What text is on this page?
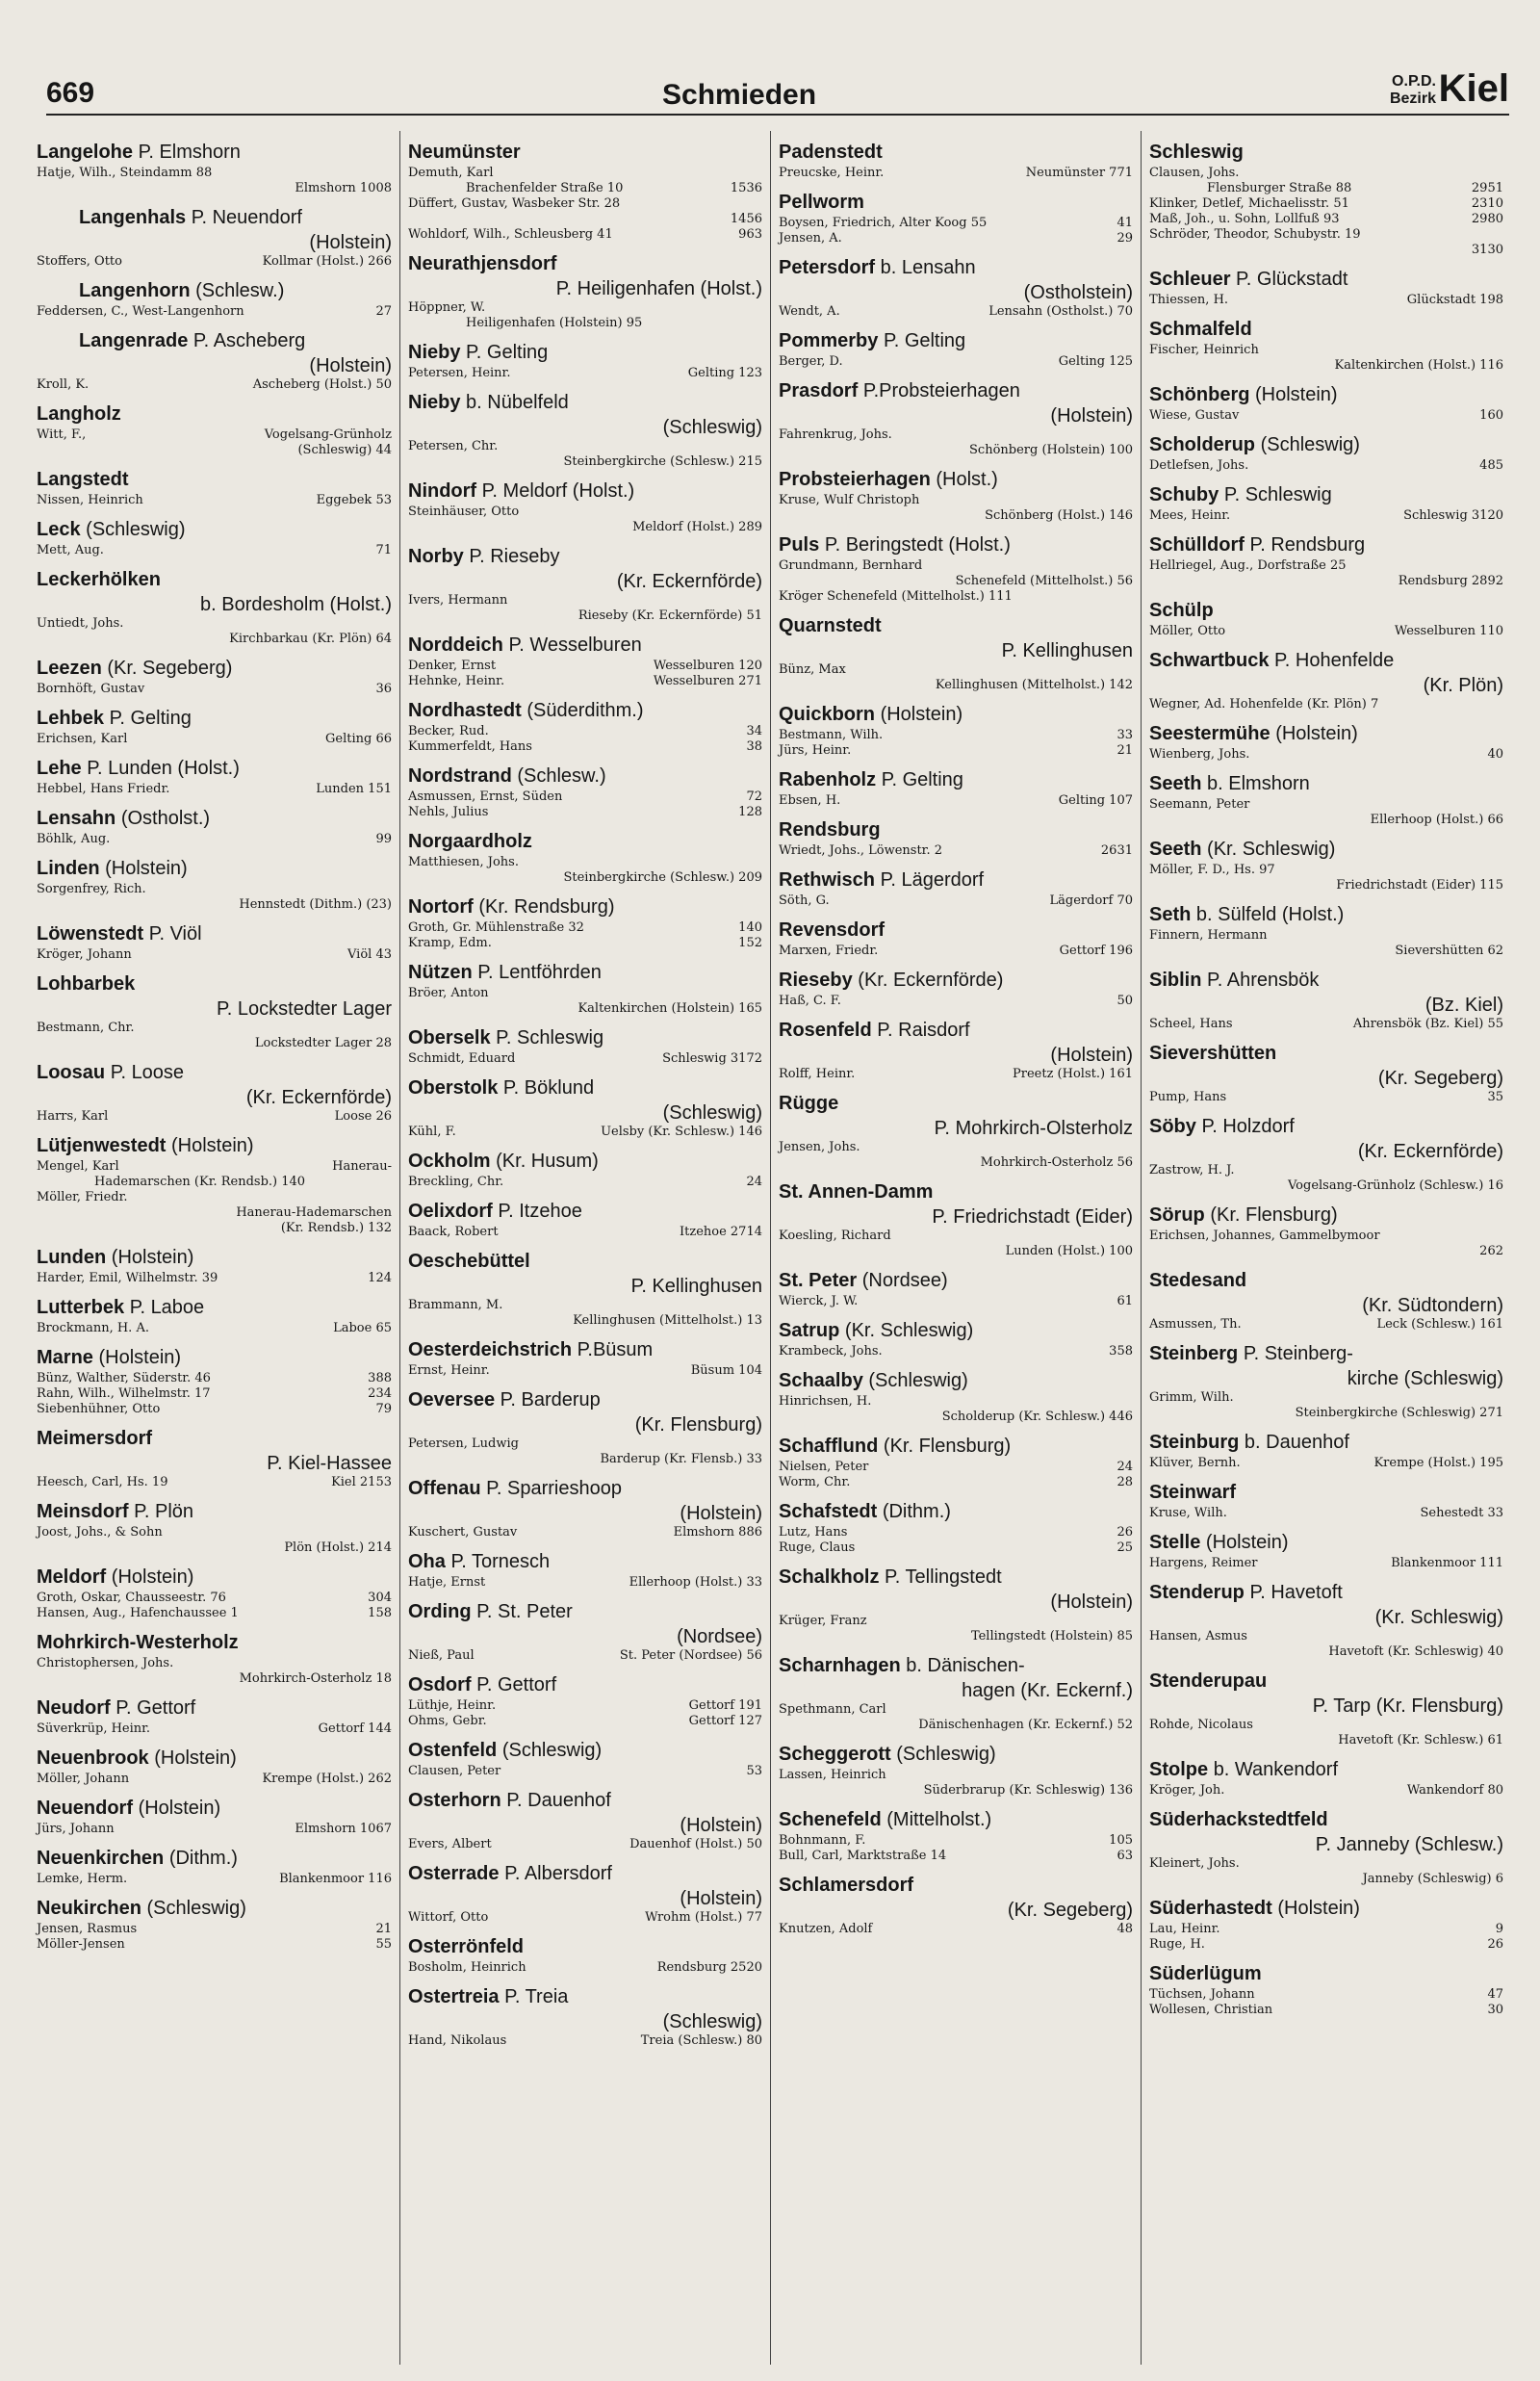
669	Schmieden	O.P.D.
Bezirk Kiel
Langelohe P. Elmshorn
Hatje, Wilh., Steindamm 88
Elmshorn 1008
Langenhals P. Neuendorf
(Holstein)
Stoffers, Otto	Kollmar (Holst.) 266
Langenhorn (Schlesw.)
Feddersen, C., West-Langenhorn	27
Langenrade P. Ascheberg
(Holstein)
Kroll, K.	Ascheberg (Holst.) 50
Langholz
Witt, F.,	Vogelsang-Grünholz
(Schleswig) 44
Langstedt
Nissen, Heinrich	Eggebek 53
Leck (Schleswig)
Mett, Aug.	71
Leckerhölken
b. Bordesholm (Holst.)
Untiedt, Johs.
Kirchbarkau (Kr. Plön) 64
Leezen (Kr. Segeberg)
Bornhöft, Gustav	36
Lehbek P. Gelting
Erichsen, Karl	Gelting 66
Lehe P. Lunden (Holst.)
Hebbel, Hans Friedr.	Lunden 151
Lensahn (Ostholst.)
Böhlk, Aug.	99
Linden (Holstein)
Sorgenfrey, Rich.
Hennstedt (Dithm.) (23)
Löwenstedt P. Viöl
Kröger, Johann	Viöl 43
Lohbarbek
P. Lockstedter Lager
Bestmann, Chr.
Lockstedter Lager 28
Loosau P. Loose
(Kr. Eckernförde)
Harrs, Karl	Loose 26
Lütjenwestedt (Holstein)
Mengel, Karl	Hanerau-
Hademarschen (Kr. Rendsb.) 140
Möller, Friedr.
Hanerau-Hademarschen
(Kr. Rendsb.) 132
Lunden (Holstein)
Harder, Emil, Wilhelmstr. 39	124
Lutterbek P. Laboe
Brockmann, H. A.	Laboe 65
Marne (Holstein)
Bünz, Walther, Süderstr. 46	388
Rahn, Wilh., Wilhelmstr. 17	234
Siebenhühner, Otto	79
Meimersdorf
P. Kiel-Hassee
Heesch, Carl, Hs. 19	Kiel 2153
Meinsdorf P. Plön
Joost, Johs., & Sohn
Plön (Holst.) 214
Meldorf (Holstein)
Groth, Oskar, Chausseestr. 76	304
Hansen, Aug., Hafenchaussee 1	158
Mohrkirch-Westerholz
Christophersen, Johs.
Mohrkirch-Osterholz 18
Neudorf P. Gettorf
Süverkrüp, Heinr.	Gettorf 144
Neuenbrook (Holstein)
Möller, Johann	Krempe (Holst.) 262
Neuendorf (Holstein)
Jürs, Johann	Elmshorn 1067
Neuenkirchen (Dithm.)
Lemke, Herm.	Blankenmoor 116
Neukirchen (Schleswig)
Jensen, Rasmus	21
Möller-Jensen	55
Neumünster
Demuth, Karl
Brachenfelder Straße 10	1536
Düffert, Gustav, Wasbeker Str. 28
1456
Wohldorf, Wilh., Schleusberg 41	963
Neurathjensdorf
P. Heiligenhafen (Holst.)
Höppner, W.
Heiligenhafen (Holstein) 95
Nieby P. Gelting
Petersen, Heinr.	Gelting 123
Nieby b. Nübelfeld
(Schleswig)
Petersen, Chr.
Steinbergkirche (Schlesw.) 215
Nindorf P. Meldorf (Holst.)
Steinhäuser, Otto
Meldorf (Holst.) 289
Norby P. Rieseby
(Kr. Eckernförde)
Ivers, Hermann
Rieseby (Kr. Eckernförde) 51
Norddeich P. Wesselburen
Denker, Ernst	Wesselburen 120
Hehnke, Heinr.	Wesselburen 271
Nordhastedt (Süderdithm.)
Becker, Rud.	34
Kummerfeldt, Hans	38
Nordstrand (Schlesw.)
Asmussen, Ernst, Süden	72
Nehls, Julius	128
Norgaardholz
Matthiesen, Johs.
Steinbergkirche (Schlesw.) 209
Nortorf (Kr. Rendsburg)
Groth, Gr. Mühlenstraße 32	140
Kramp, Edm.	152
Nützen P. Lentföhrden
Bröer, Anton
Kaltenkirchen (Holstein) 165
Oberselk P. Schleswig
Schmidt, Eduard	Schleswig 3172
Oberstolk P. Böklund
(Schleswig)
Kühl, F.	Uelsby (Kr. Schlesw.) 146
Ockholm (Kr. Husum)
Breckling, Chr.	24
Oelixdorf P. Itzehoe
Baack, Robert	Itzehoe 2714
Oeschebüttel
P. Kellinghusen
Brammann, M.
Kellinghusen (Mittelholst.) 13
Oesterdeichstrich P.Büsum
Ernst, Heinr.	Büsum 104
Oeversee P. Barderup
(Kr. Flensburg)
Petersen, Ludwig
Barderup (Kr. Flensb.) 33
Offenau P. Sparrieshoop
(Holstein)
Kuschert, Gustav	Elmshorn 886
Oha P. Tornesch
Hatje, Ernst	Ellerhoop (Holst.) 33
Ording P. St. Peter
(Nordsee)
Nieß, Paul	St. Peter (Nordsee) 56
Osdorf P. Gettorf
Lüthje, Heinr.	Gettorf 191
Ohms, Gebr.	Gettorf 127
Ostenfeld (Schleswig)
Clausen, Peter	53
Osterhorn P. Dauenhof
(Holstein)
Evers, Albert	Dauenhof (Holst.) 50
Osterrade P. Albersdorf
(Holstein)
Wittorf, Otto	Wrohm (Holst.) 77
Osterrönfeld
Bosholm, Heinrich	Rendsburg 2520
Ostertreia P. Treia
(Schleswig)
Hand, Nikolaus	Treia (Schlesw.) 80
Padenstedt
Preucske, Heinr.	Neumünster 771
Pellworm
Boysen, Friedrich, Alter Koog 55	41
Jensen, A.	29
Petersdorf b. Lensahn
(Ostholstein)
Wendt, A.	Lensahn (Ostholst.) 70
Pommerby P. Gelting
Berger, D.	Gelting 125
Prasdorf P.Probsteierhagen
(Holstein)
Fahrenkrug, Johs.
Schönberg (Holstein) 100
Probsteierhagen (Holst.)
Kruse, Wulf Christoph
Schönberg (Holst.) 146
Puls P. Beringstedt (Holst.)
Grundmann, Bernhard
Schenefeld (Mittelholst.) 56
Kröger Schenefeld (Mittelholst.) 111
Quarnstedt
P. Kellinghusen
Bünz, Max
Kellinghusen (Mittelholst.) 142
Quickborn (Holstein)
Bestmann, Wilh.	33
Jürs, Heinr.	21
Rabenholz P. Gelting
Ebsen, H.	Gelting 107
Rendsburg
Wriedt, Johs., Löwenstr. 2	2631
Rethwisch P. Lägerdorf
Söth, G.	Lägerdorf 70
Revensdorf
Marxen, Friedr.	Gettorf 196
Rieseby (Kr. Eckernförde)
Haß, C. F.	50
Rosenfeld P. Raisdorf
(Holstein)
Rolff, Heinr.	Preetz (Holst.) 161
Rügge
P. Mohrkirch-Olsterholz
Jensen, Johs.
Mohrkirch-Osterholz 56
St. Annen-Damm
P. Friedrichstadt (Eider)
Koesling, Richard
Lunden (Holst.) 100
St. Peter (Nordsee)
Wierck, J. W.	61
Satrup (Kr. Schleswig)
Krambeck, Johs.	358
Schaalby (Schleswig)
Hinrichsen, H.
Scholderup (Kr. Schlesw.) 446
Schafflund (Kr. Flensburg)
Nielsen, Peter	24
Worm, Chr.	28
Schafstedt (Dithm.)
Lutz, Hans	26
Ruge, Claus	25
Schalkholz P. Tellingstedt
(Holstein)
Krüger, Franz
Tellingstedt (Holstein) 85
Scharnhagen b. Dänischen-
hagen (Kr. Eckernf.)
Spethmann, Carl
Dänischenhagen (Kr. Eckernf.) 52
Scheggerott (Schleswig)
Lassen, Heinrich
Süderbrarup (Kr. Schleswig) 136
Schenefeld (Mittelholst.)
Bohnmann, F.	105
Bull, Carl, Marktstraße 14	63
Schlamersdorf
(Kr. Segeberg)
Knutzen, Adolf	48
Schleswig
Clausen, Johs.
Flensburger Straße 88	2951
Klinker, Detlef, Michaelisstr. 51	2310
Maß, Joh., u. Sohn, Lollfuß 93	2980
Schröder, Theodor, Schubystr. 19
3130
Schleuer P. Glückstadt
Thiessen, H.	Glückstadt 198
Schmalfeld
Fischer, Heinrich
Kaltenkirchen (Holst.) 116
Schönberg (Holstein)
Wiese, Gustav	160
Scholderup (Schleswig)
Detlefsen, Johs.	485
Schuby P. Schleswig
Mees, Heinr.	Schleswig 3120
Schülldorf P. Rendsburg
Hellriegel, Aug., Dorfstraße 25
Rendsburg 2892
Schülp
Möller, Otto	Wesselburen 110
Schwartbuck P. Hohenfelde
(Kr. Plön)
Wegner, Ad. Hohenfelde (Kr. Plön) 7
Seestermühe (Holstein)
Wienberg, Johs.	40
Seeth b. Elmshorn
Seemann, Peter
Ellerhoop (Holst.) 66
Seeth (Kr. Schleswig)
Möller, F. D., Hs. 97
Friedrichstadt (Eider) 115
Seth b. Sülfeld (Holst.)
Finnern, Hermann
Sievershütten 62
Siblin P. Ahrensbök
(Bz. Kiel)
Scheel, Hans	Ahrensbök (Bz. Kiel) 55
Sievershütten
(Kr. Segeberg)
Pump, Hans	35
Söby P. Holzdorf
(Kr. Eckernförde)
Zastrow, H. J.
Vogelsang-Grünholz (Schlesw.) 16
Sörup (Kr. Flensburg)
Erichsen, Johannes, Gammelbymoor
262
Stedesand
(Kr. Südtondern)
Asmussen, Th.	Leck (Schlesw.) 161
Steinberg P. Steinberg-
kirche (Schleswig)
Grimm, Wilh.
Steinbergkirche (Schleswig) 271
Steinburg b. Dauenhof
Klüver, Bernh.	Krempe (Holst.) 195
Steinwarf
Kruse, Wilh.	Sehestedt 33
Stelle (Holstein)
Hargens, Reimer	Blankenmoor 111
Stenderup P. Havetoft
(Kr. Schleswig)
Hansen, Asmus
Havetoft (Kr. Schleswig) 40
Stenderupau
P. Tarp (Kr. Flensburg)
Rohde, Nicolaus
Havetoft (Kr. Schlesw.) 61
Stolpe b. Wankendorf
Kröger, Joh.	Wankendorf 80
Süderhackstedtfeld
P. Janneby (Schlesw.)
Kleinert, Johs.
Janneby (Schleswig) 6
Süderhastedt (Holstein)
Lau, Heinr.	9
Ruge, H.	26
Süderlügum
Tüchsen, Johann	47
Wollesen, Christian	30
